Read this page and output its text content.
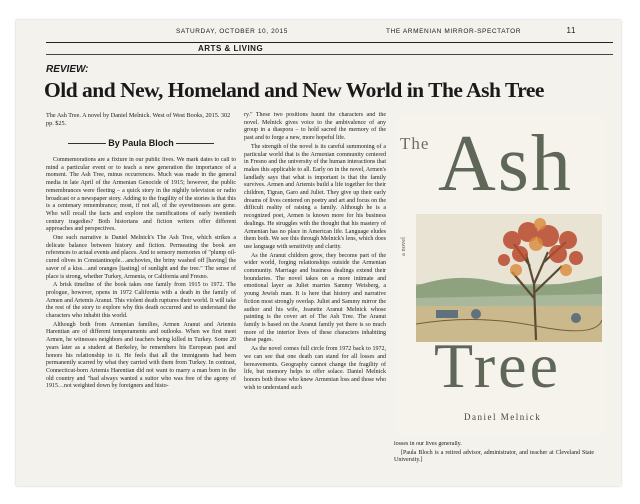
SATURDAY, OCTOBER 10, 2015	THE ARMENIAN MIRROR-SPECTATOR	11
ARTS & LIVING
REVIEW:
Old and New, Homeland and New World in The Ash Tree
The Ash Tree. A novel by Daniel Melnick. West of West Books, 2015. 302 pp. $25.
By Paula Bloch

Commemorations are a fixture in our public lives. We mark dates to call to mind a particular event or to teach a new generation the importance of a moment. The Ash Tree, minus occurrences. Much was made in the general media in late April of the Armenian Genocide of 1915; however, the public remembrances were fleeting – a quick story in the nightly television or radio broadcast or a newspaper story. Adding to the fragility of the stories is that this is a centenary remembrance; most, if not all, of the eyewitnesses are gone. Who will recall the facts and explore the ramifications of early twentieth century tragedies? Both historians and fiction writers offer different approaches and perspectives.

One such narrative is Daniel Melnick's The Ash Tree, which strikes a delicate balance between history and fiction. Permeating the book are references to actual events and places. And to sensory memories of "plump oil-cured olives in Constantinople…anchovies, the briny washed off [having] the savor of a kiss…and oranges [tasting] of sunlight and the tree." The sense of place is strong, whether Turkey, Armenia, or California and Fresno.

A brisk timeline of the book takes one family from 1915 to 1972. The prologue, however, opens in 1972 California with a death in the family of Armen and Artemis Aranut. This violent death ruptures their world. It will take the rest of the story to explore why this death occurred and to understand the characters who inhabit this world.

Although both from Armenian families, Armen Aranut and Artemis Harentian are of different temperaments and outlooks. When we first meet Armen, he witnesses neighbors and teachers being killed in Turkey. Some 20 years later as a student at Berkeley, he remembers his European past and honors his relationship to it. He feels that all the immigrants had been permanently scarred by what they carried with them from Turkey. In contrast, Connecticut-born Artemis Harentian did not want to marry a man born in the old country and "had always wanted a suitor who was free of the agony of 1915…not weighted down by foreigners and histo-

ry." These two positions haunt the characters and the novel. Melnick gives voice to the ambivalence of any group in a diaspora – to hold sacred the memory of the past and to forge a new, more hopeful life.

The strength of the novel is its careful summoning of a particular world that is the Armenian community centered in Fresno and the university of the human interactions that makes this applicable to all. Early on in the novel, Armen's landlady says that what is important is that the family survives. Armen and Artemis build a life together for their children, Tigran, Garo and Juliet. They give up their early dreams of lives centered on poetry and art and focus on the difficult reality of raising a family. Although he is a recognized poet, Armen is known more for his business dealings. He struggles with the thought that his mastery of Armenian has no place in American life. Language eludes them both. We see this through Melnick's lens, which does use language with sensitivity and clarity.

As the Aranut children grow, they become part of the wider world, forging relationships outside the Armenian community. Marriage and business dealings extend their boundaries. The novel takes on a more intimate and emotional layer as Juliet marries Sammy Weisberg, a young Jewish man. It is here that history and narrative fiction most strongly overlap. Juliet and Sammy mirror the author and his wife, Jeanette Aranut Melnick whose painting is the cover art of The Ash Tree. The Aranut family is based on the Aranut family yet there is so much more of the interior lives of these characters inhabiting these pages.

As the novel comes full circle from 1972 back to 1972, we can see that one death can stand for all losses and bereavements. Geography cannot change the fragility of life, but memory helps to offer solace. Daniel Melnick honors both those who knew Armenian loss and those who wish to understand such

The
a novel
Ash
Tree
Daniel Melnick

losses in our lives generally.

[Paula Bloch is a retired advisor, administrator, and teacher at Cleveland State University.]
